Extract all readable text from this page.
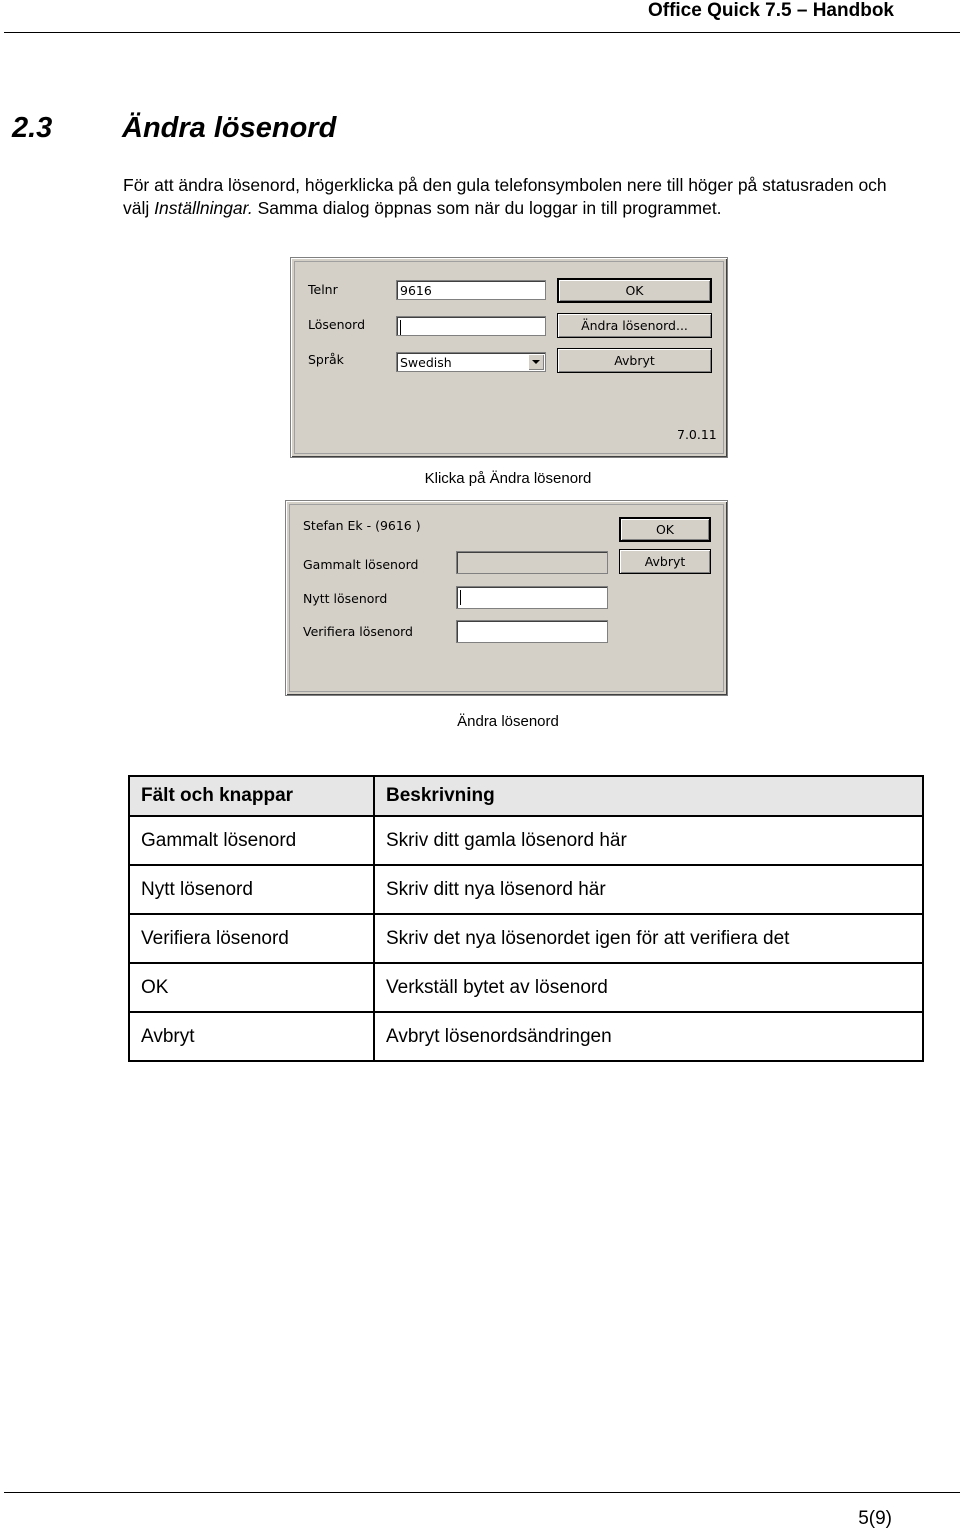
Office Quick 7.5 – Handbok
2.3 Ändra lösenord
För att ändra lösenord, högerklicka på den gula telefonsymbolen nere till höger på statusraden och välj Inställningar. Samma dialog öppnas som när du loggar in till programmet.
Telnr
Lösenord
Språk
9616
Swedish
OK
Ändra lösenord...
Avbryt
7.0.11
Klicka på Ändra lösenord
Stefan Ek - (9616 )
Gammalt lösenord
Nytt lösenord
Verifiera lösenord
OK
Avbryt
Ändra lösenord
Fält och knappar	Beskrivning
Gammalt lösenord	Skriv ditt gamla lösenord här
Nytt lösenord	Skriv ditt nya lösenord här
Verifiera lösenord	Skriv det nya lösenordet igen för att verifiera det
OK	Verkställ bytet av lösenord
Avbryt	Avbryt lösenordsändringen
5(9)
